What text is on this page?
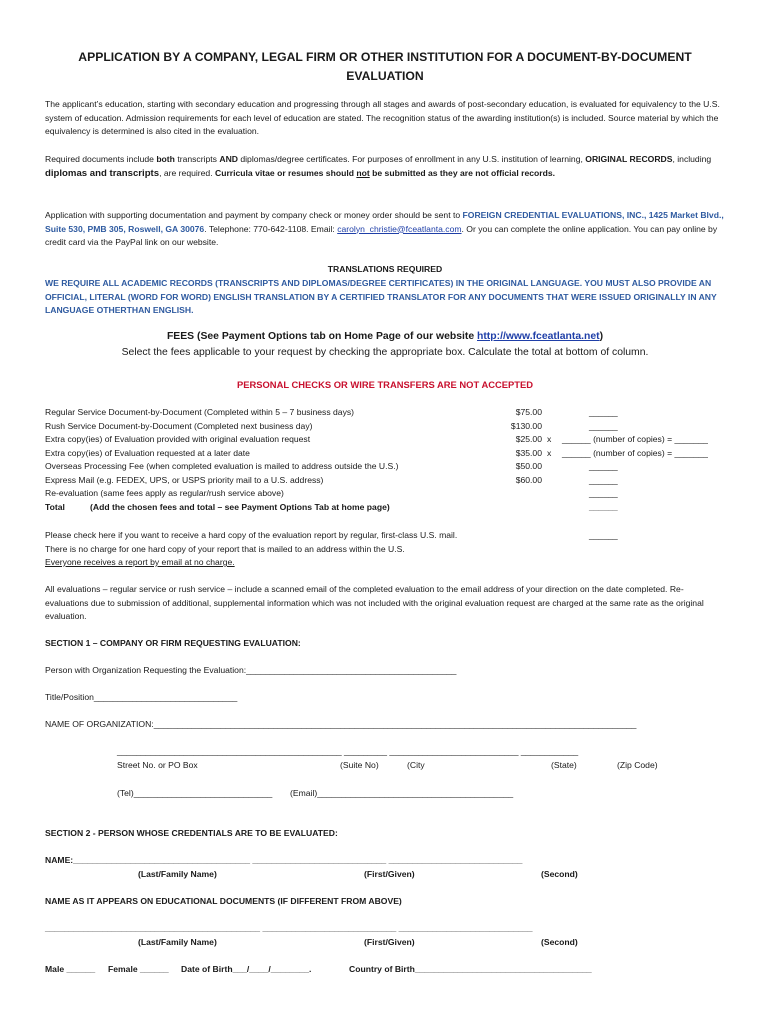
APPLICATION BY A COMPANY, LEGAL FIRM OR OTHER INSTITUTION FOR A DOCUMENT-BY-DOCUMENT EVALUATION
The applicant’s education, starting with secondary education and progressing through all stages and awards of post-secondary education, is evaluated for equivalency to the U.S. system of education. Admission requirements for each level of education are stated. The recognition status of the awarding institution(s) is included. Source material by which the equivalency is determined is also cited in the evaluation.
Required documents include both transcripts AND diplomas/degree certificates. For purposes of enrollment in any U.S. institution of learning, ORIGINAL RECORDS, including diplomas and transcripts, are required. Curricula vitae or resumes should not be submitted as they are not official records.
Application with supporting documentation and payment by company check or money order should be sent to FOREIGN CREDENTIAL EVALUATIONS, INC., 1425 Market Blvd., Suite 530, PMB 305, Roswell, GA 30076. Telephone: 770-642-1108. Email: carolyn_christie@fceatlanta.com. Or you can complete the online application. You can pay online by credit card via the PayPal link on our website.
TRANSLATIONS REQUIRED
WE REQUIRE ALL ACADEMIC RECORDS (TRANSCRIPTS AND DIPLOMAS/DEGREE CERTIFICATES) IN THE ORIGINAL LANGUAGE. YOU MUST ALSO PROVIDE AN OFFICIAL, LITERAL (WORD FOR WORD) ENGLISH TRANSLATION BY A CERTIFIED TRANSLATOR FOR ANY DOCUMENTS THAT WERE ISSUED ORIGINALLY IN ANY LANGUAGE OTHERTHAN ENGLISH.
FEES (See Payment Options tab on Home Page of our website http://www.fceatlanta.net)
Select the fees applicable to your request by checking the appropriate box. Calculate the total at bottom of column.
PERSONAL CHECKS OR WIRE TRANSFERS ARE NOT ACCEPTED
Regular Service Document-by-Document (Completed within 5 – 7 business days)	$75.00	______
Rush Service Document-by-Document (Completed next business day)	$130.00	______
Extra copy(ies) of Evaluation provided with original evaluation request	$25.00 x ______ (number of copies) = _______
Extra copy(ies) of Evaluation requested at a later date	$35.00 x ______ (number of copies) = _______
Overseas Processing Fee (when completed evaluation is mailed to address outside the U.S.)	$50.00	______
Express Mail (e.g. FEDEX, UPS, or USPS priority mail to a U.S. address)	$60.00	______
Re-evaluation (same fees apply as regular/rush service above)	______
Total	(Add the chosen fees and total – see Payment Options Tab at home page)	______
Please check here if you want to receive a hard copy of the evaluation report by regular, first-class U.S. mail.
There is no charge for one hard copy of your report that is mailed to an address within the U.S.
Everyone receives a report by email at no charge.
______
All evaluations – regular service or rush service – include a scanned email of the completed evaluation to the email address of your direction on the date completed. Re-evaluations due to submission of additional, supplemental information which was not included with the original evaluation request are charged at the same rate as the original evaluation.
SECTION 1 – COMPANY OR FIRM REQUESTING EVALUATION:
Person with Organization Requesting the Evaluation:____________________________________________
Title/Position______________________________
NAME OF ORGANIZATION:_____________________________________________________________________________________________________
_______________________________________________ _________ ___________________________ ____________
Street No. or PO Box	(Suite No)	(City	(State)	(Zip Code)
(Tel)_____________________________ (Email)_________________________________________
SECTION 2 - PERSON WHOSE CREDENTIALS ARE TO BE EVALUATED:
NAME:_____________________________________ ____________________________ ____________________________
(Last/Family Name)	(First/Given)	(Second)
NAME AS IT APPEARS ON EDUCATIONAL DOCUMENTS (IF DIFFERENT FROM ABOVE)
_____________________________________________ ____________________________ ____________________________
(Last/Family Name)	(First/Given)	(Second)
Male ______ Female ______ Date of Birth___/____/________.	Country of Birth_____________________________________
